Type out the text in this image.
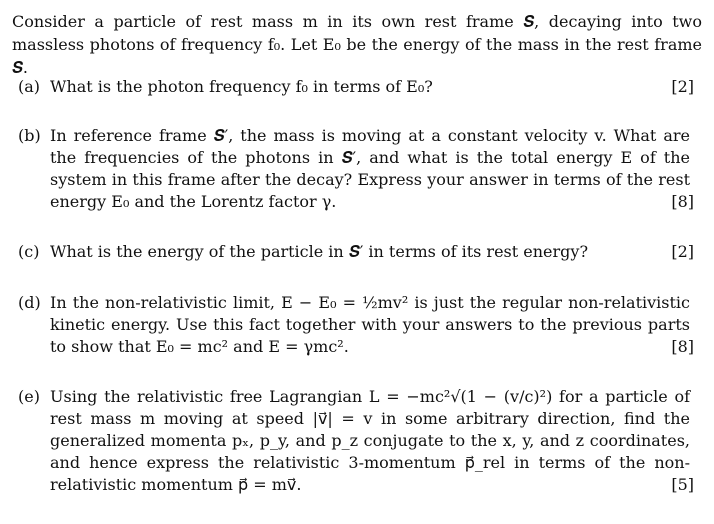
Consider a particle of rest mass m in its own rest frame 𝑺, decaying into two massless photons of frequency f₀. Let E₀ be the energy of the mass in the rest frame 𝑺.
(a) What is the photon frequency f₀ in terms of E₀?	[2]
(b) In reference frame 𝑺′, the mass is moving at a constant velocity v. What are the frequencies of the photons in 𝑺′, and what is the total energy E of the system in this frame after the decay? Express your answer in terms of the rest energy E₀ and the Lorentz factor γ.	[8]
(c) What is the energy of the particle in 𝑺′ in terms of its rest energy?	[2]
(d) In the non-relativistic limit, E − E₀ = ½mv² is just the regular non-relativistic kinetic energy. Use this fact together with your answers to the previous parts to show that E₀ = mc² and E = γmc².	[8]
(e) Using the relativistic free Lagrangian L = −mc²√(1 − (v/c)²) for a particle of rest mass m moving at speed |v⃗| = v in some arbitrary direction, find the generalized momenta pₓ, p_y, and p_z conjugate to the x, y, and z coordinates, and hence express the relativistic 3-momentum p⃗_rel in terms of the non-relativistic momentum p⃗ = mv⃗.	[5]
